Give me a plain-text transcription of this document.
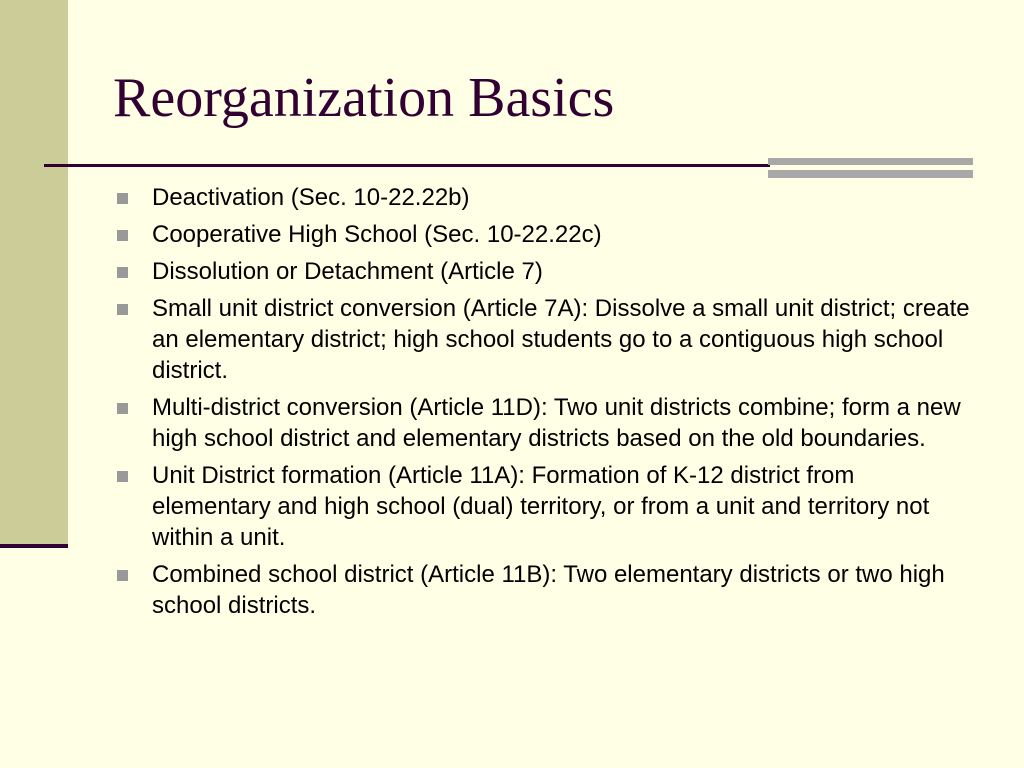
Reorganization Basics
Deactivation (Sec. 10-22.22b)
Cooperative High School (Sec. 10-22.22c)
Dissolution or Detachment (Article 7)
Small unit district conversion (Article 7A): Dissolve a small unit district; create an elementary district; high school students go to a contiguous high school district.
Multi-district conversion (Article 11D): Two unit districts combine; form a new high school district and elementary districts based on the old boundaries.
Unit District formation (Article 11A): Formation of K-12 district from elementary and high school (dual) territory, or from a unit and territory not within a unit.
Combined school district (Article 11B): Two elementary districts or two high school districts.
